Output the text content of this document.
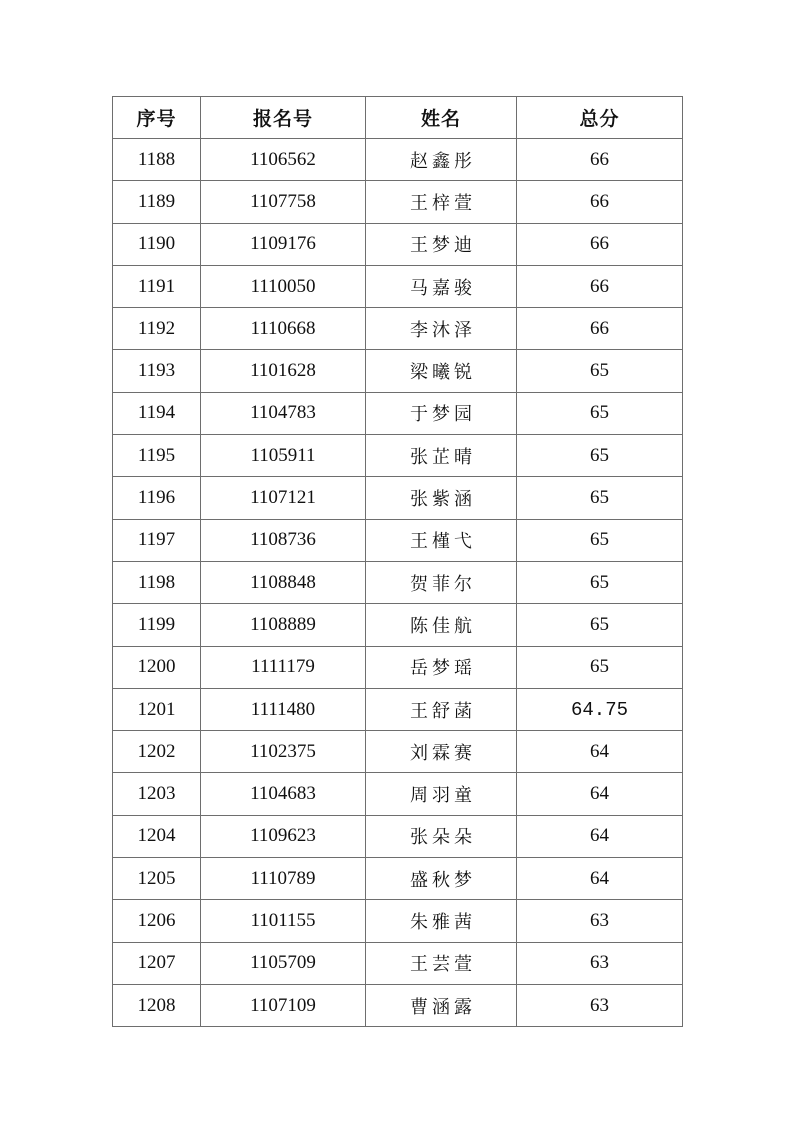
序号	报名号	姓名	总分
1188	1106562	赵鑫彤	66
1189	1107758	王梓萱	66
1190	1109176	王梦迪	66
1191	1110050	马嘉骏	66
1192	1110668	李沐泽	66
1193	1101628	梁曦锐	65
1194	1104783	于梦园	65
1195	1105911	张芷晴	65
1196	1107121	张紫涵	65
1197	1108736	王槿弋	65
1198	1108848	贺菲尔	65
1199	1108889	陈佳航	65
1200	1111179	岳梦瑶	65
1201	1111480	王舒菡	64.75
1202	1102375	刘霖赛	64
1203	1104683	周羽童	64
1204	1109623	张朵朵	64
1205	1110789	盛秋梦	64
1206	1101155	朱雅茜	63
1207	1105709	王芸萱	63
1208	1107109	曹涵露	63
